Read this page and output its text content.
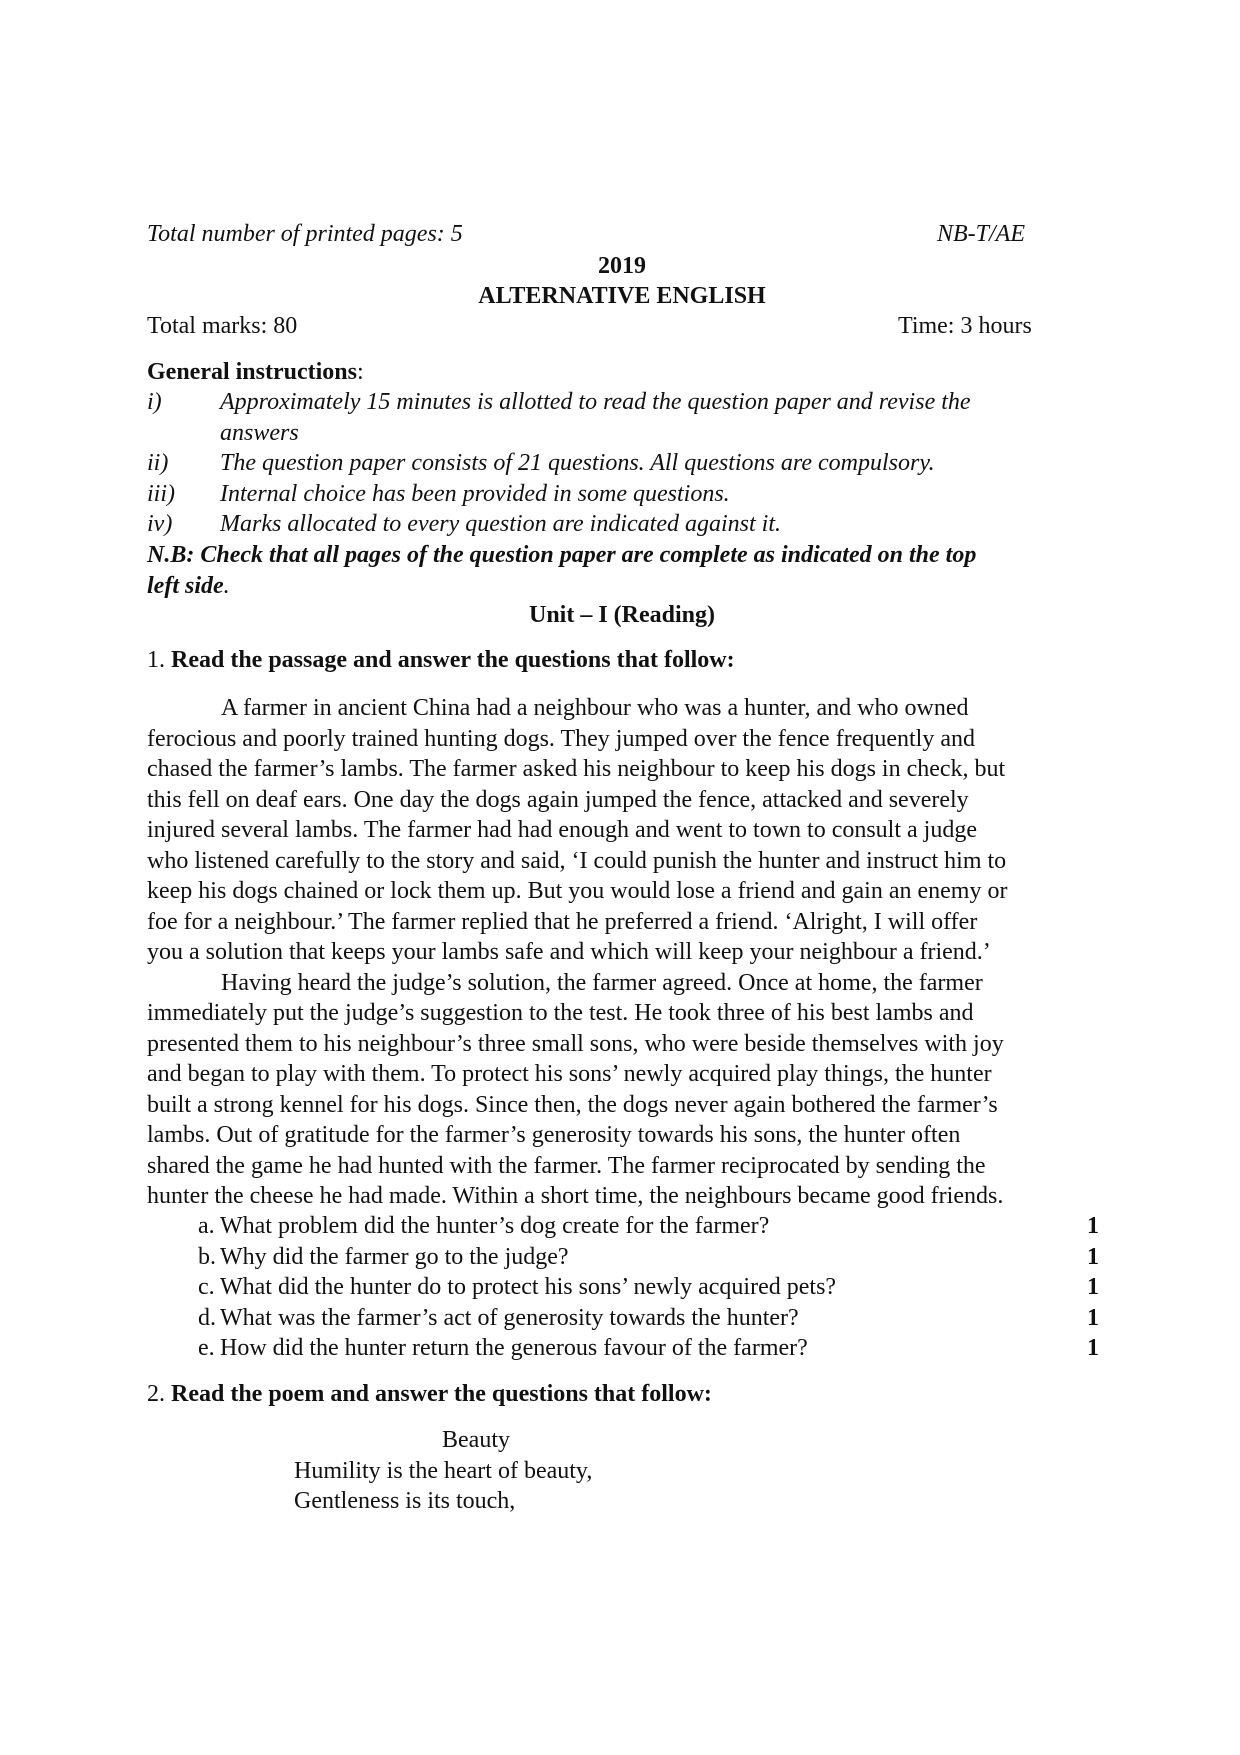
Total number of printed pages: 5	NB-T/AE
2019
ALTERNATIVE ENGLISH
Total marks: 80	Time: 3 hours
General instructions:
i) Approximately 15 minutes is allotted to read the question paper and revise the
answers
ii) The question paper consists of 21 questions. All questions are compulsory.
iii) Internal choice has been provided in some questions.
iv) Marks allocated to every question are indicated against it.
N.B: Check that all pages of the question paper are complete as indicated on the top
left side.
Unit – I (Reading)
1. Read the passage and answer the questions that follow:
A farmer in ancient China had a neighbour who was a hunter, and who owned
ferocious and poorly trained hunting dogs. They jumped over the fence frequently and
chased the farmer’s lambs. The farmer asked his neighbour to keep his dogs in check, but
this fell on deaf ears. One day the dogs again jumped the fence, attacked and severely
injured several lambs. The farmer had had enough and went to town to consult a judge
who listened carefully to the story and said, ‘I could punish the hunter and instruct him to
keep his dogs chained or lock them up. But you would lose a friend and gain an enemy or
foe for a neighbour.’ The farmer replied that he preferred a friend. ‘Alright, I will offer
you a solution that keeps your lambs safe and which will keep your neighbour a friend.’
Having heard the judge’s solution, the farmer agreed. Once at home, the farmer
immediately put the judge’s suggestion to the test. He took three of his best lambs and
presented them to his neighbour’s three small sons, who were beside themselves with joy
and began to play with them. To protect his sons’ newly acquired play things, the hunter
built a strong kennel for his dogs. Since then, the dogs never again bothered the farmer’s
lambs. Out of gratitude for the farmer’s generosity towards his sons, the hunter often
shared the game he had hunted with the farmer. The farmer reciprocated by sending the
hunter the cheese he had made. Within a short time, the neighbours became good friends.
a. What problem did the hunter’s dog create for the farmer?	1
b. Why did the farmer go to the judge?	1
c. What did the hunter do to protect his sons’ newly acquired pets?	1
d. What was the farmer’s act of generosity towards the hunter?	1
e. How did the hunter return the generous favour of the farmer?	1
2. Read the poem and answer the questions that follow:
Beauty
Humility is the heart of beauty,
Gentleness is its touch,
